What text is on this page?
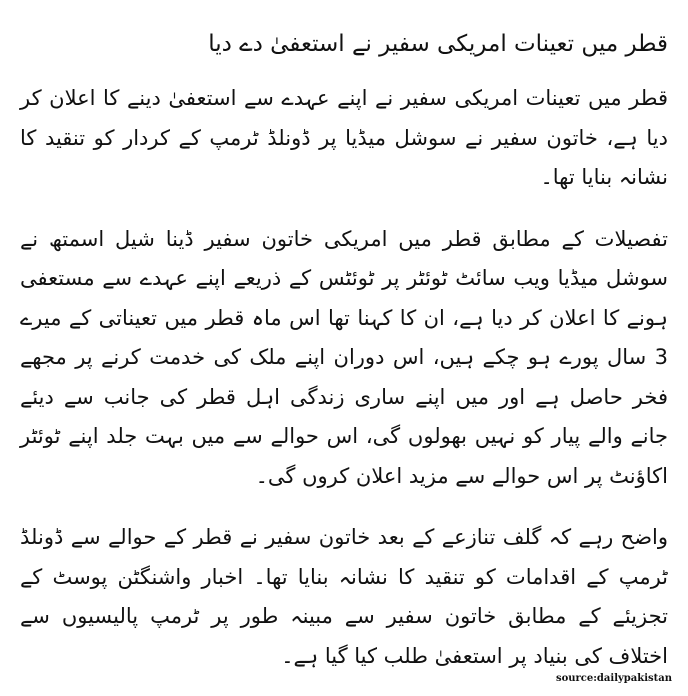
قطر میں تعینات امریکی سفیر نے استعفیٰ دے دیا

قطر میں تعینات امریکی سفیر نے اپنے عہدے سے استعفیٰ دینے کا اعلان کر دیا ہے، خاتون سفیر نے سوشل میڈیا پر ڈونلڈ ٹرمپ کے کردار کو تنقید کا نشانہ بنایا تھا۔

تفصیلات کے مطابق قطر میں امریکی خاتون سفیر ڈینا شیل اسمتھ نے سوشل میڈیا ویب سائٹ ٹوئٹر پر ٹوئٹس کے ذریعے اپنے عہدے سے مستعفی ہونے کا اعلان کر دیا ہے، ان کا کہنا تھا اس ماہ قطر میں تعیناتی کے میرے 3 سال پورے ہو چکے ہیں، اس دوران اپنے ملک کی خدمت کرنے پر مجھے فخر حاصل ہے اور میں اپنے ساری زندگی اہل قطر کی جانب سے دیئے جانے والے پیار کو نہیں بھولوں گی، اس حوالے سے میں بہت جلد اپنے ٹوئٹر اکاؤنٹ پر اس حوالے سے مزید اعلان کروں گی۔

واضح رہے کہ گلف تنازعے کے بعد خاتون سفیر نے قطر کے حوالے سے ڈونلڈ ٹرمپ کے اقدامات کو تنقید کا نشانہ بنایا تھا۔ اخبار واشنگٹن پوسٹ کے تجزیئے کے مطابق خاتون سفیر سے مبینہ طور پر ٹرمپ پالیسیوں سے اختلاف کی بنیاد پر استعفیٰ طلب کیا گیا ہے۔

source:dailypakistan
